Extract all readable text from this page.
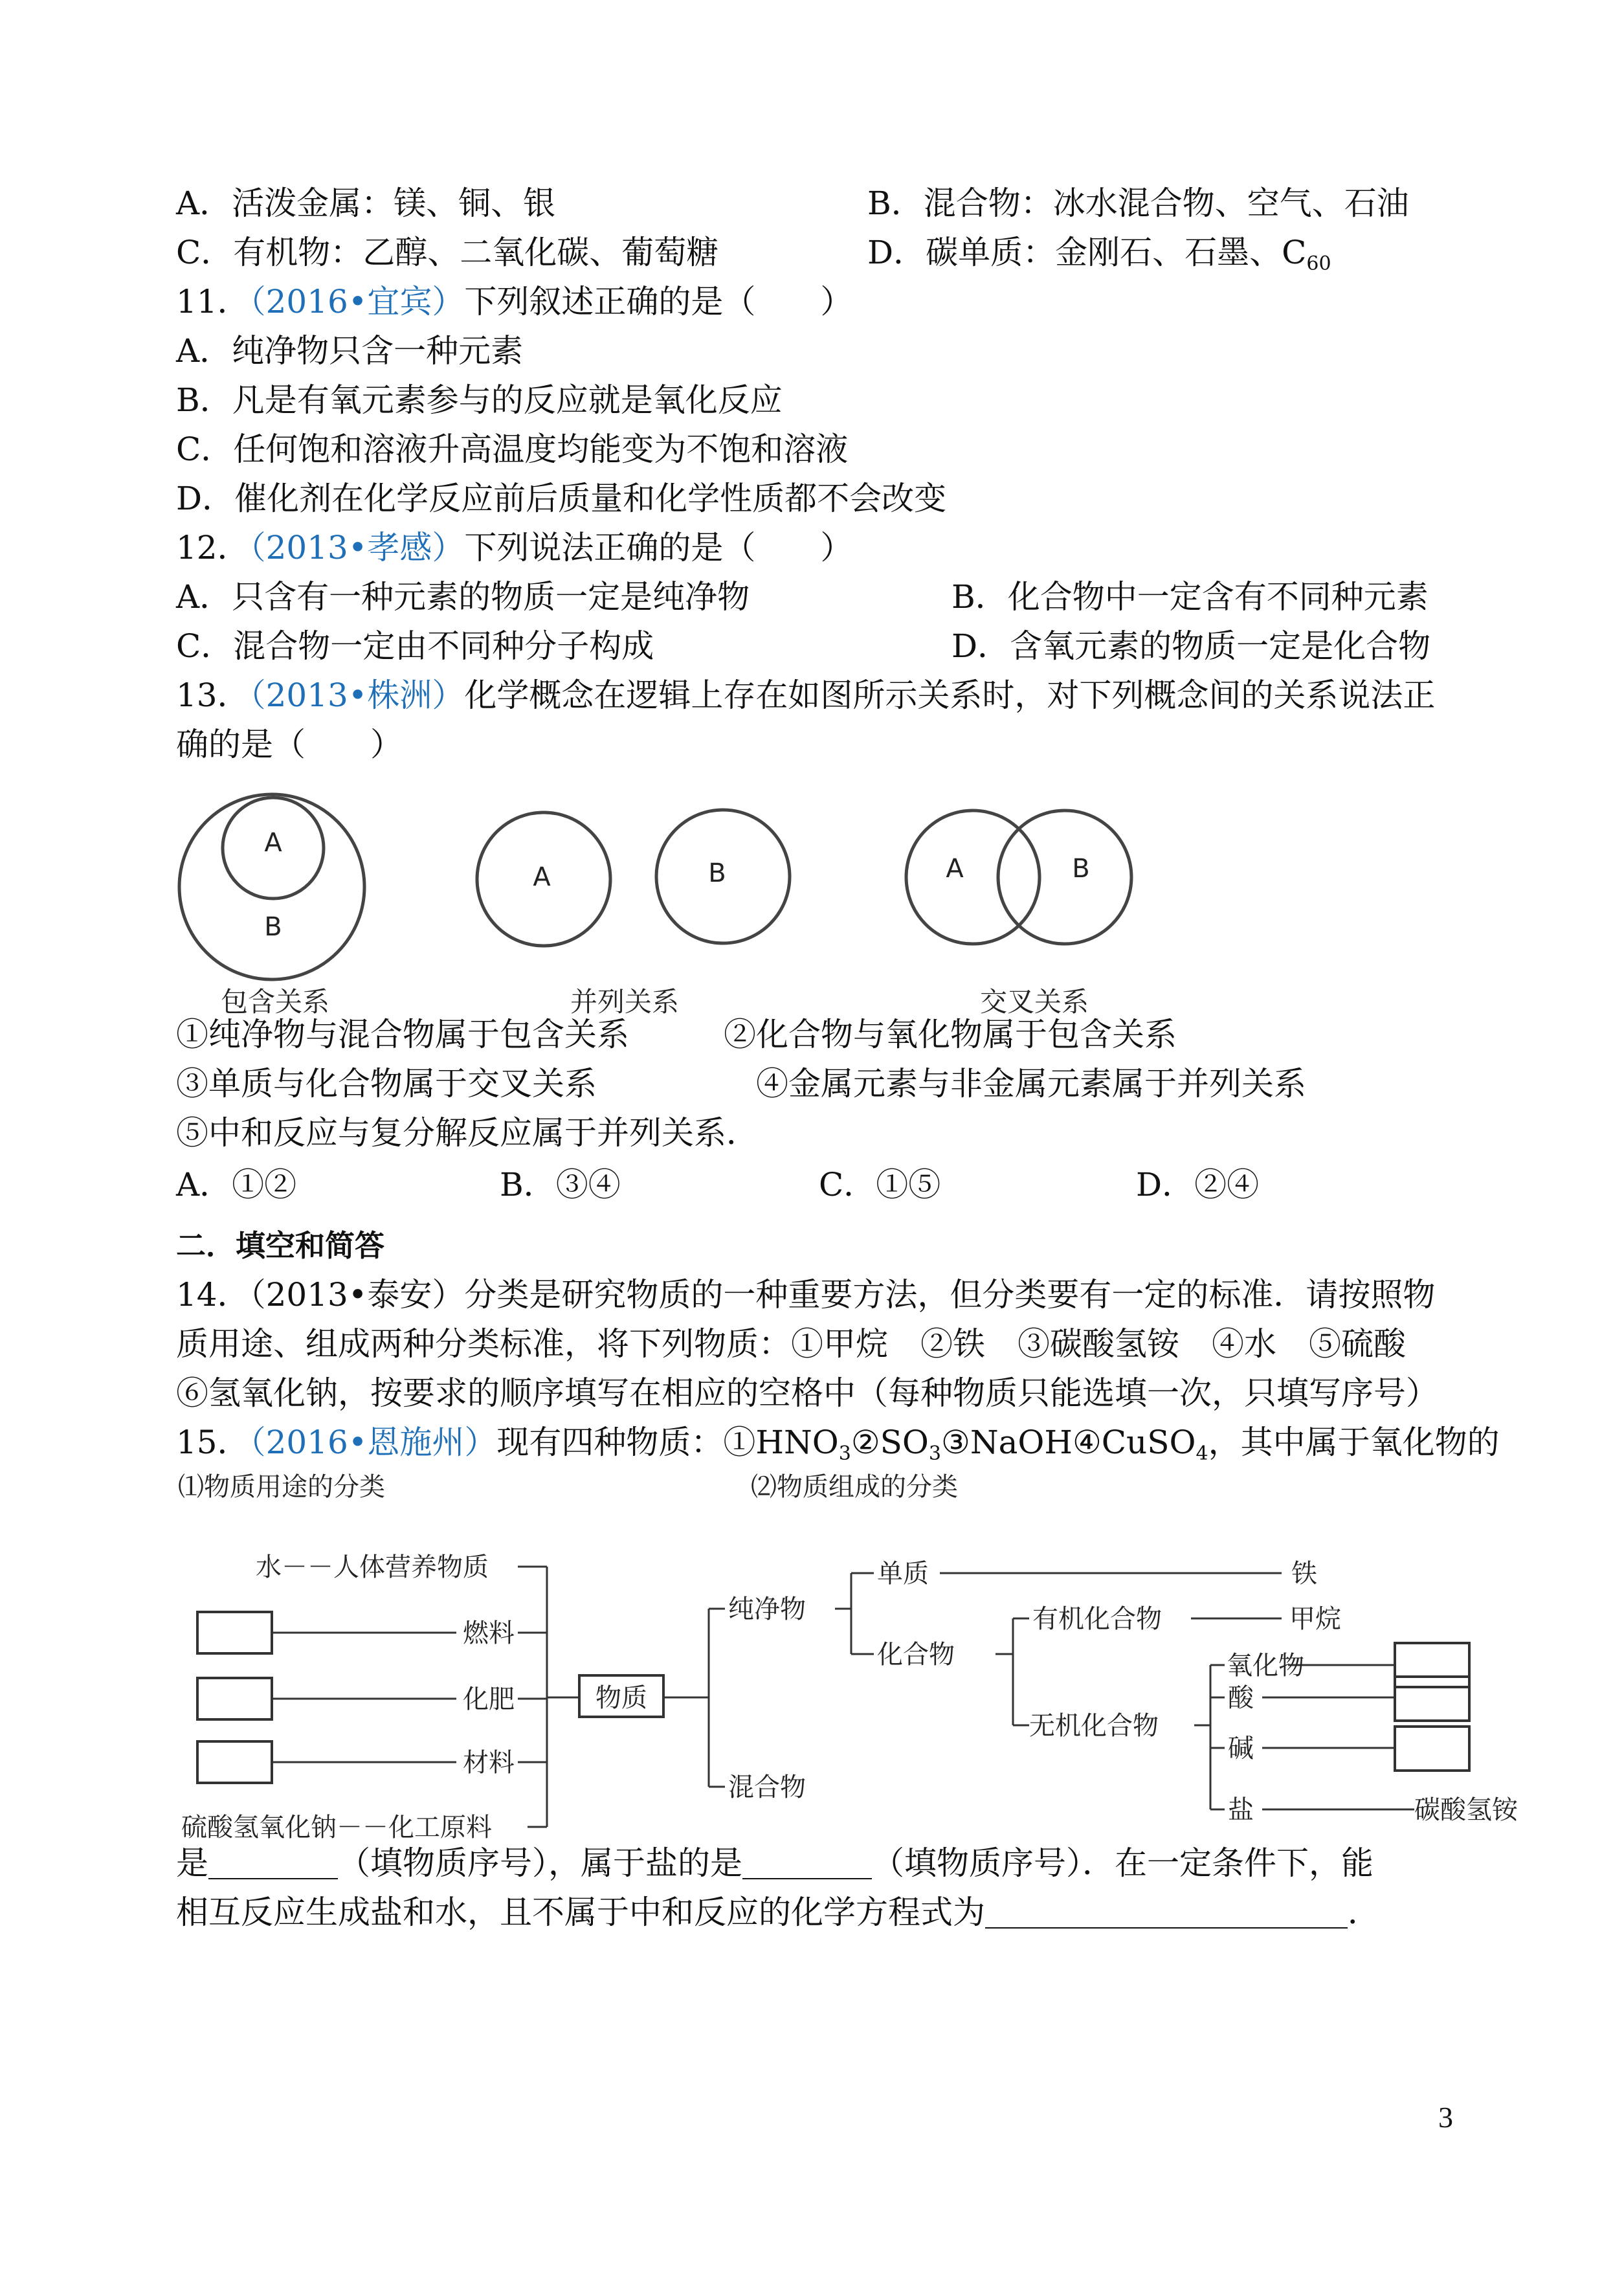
A．活泼金属：镁、铜、银	B．混合物：冰水混合物、空气、石油
C．有机物：乙醇、二氧化碳、葡萄糖	D．碳单质：金刚石、石墨、$C_{60}$
11．（2016•宜宾）下列叙述正确的是（　　）
A．纯净物只含一种元素
B．凡是有氧元素参与的反应就是氧化反应
C．任何饱和溶液升高温度均能变为不饱和溶液
D．催化剂在化学反应前后质量和化学性质都不会改变
12．（2013•孝感）下列说法正确的是（　　）
A．只含有一种元素的物质一定是纯净物	B．化合物中一定含有不同种元素
C．混合物一定由不同种分子构成	D．含氧元素的物质一定是化合物
13．（2013•株洲）化学概念在逻辑上存在如图所示关系时，对下列概念间的关系说法正
确的是（　　）
A
B
A	B	A	B
包含关系	并列关系	交叉关系
①纯净物与混合物属于包含关系	②化合物与氧化物属于包含关系
③单质与化合物属于交叉关系	④金属元素与非金属元素属于并列关系
⑤中和反应与复分解反应属于并列关系．
A．①②	B．③④	C．①⑤	D．②④
二．填空和简答
14．（2013•泰安）分类是研究物质的一种重要方法，但分类要有一定的标准．请按照物
质用途、组成两种分类标准，将下列物质：①甲烷　②铁　③碳酸氢铵　④水　⑤硫酸
⑥氢氧化钠，按要求的顺序填写在相应的空格中（每种物质只能选填一次，只填写序号）
15．（2016•恩施州）现有四种物质：$①HNO_3②SO_3③NaOH④CuSO_4$，其中属于氧化物的
⑴物质用途的分类	⑵物质组成的分类
水－－人体营养物质
燃料
化肥
材料
硫酸氢氧化钠－－化工原料
物质
纯净物
混合物
单质
化合物
铁
有机化合物	甲烷
无机化合物
氧化物
酸
碱
盐	碳酸氢铵
是	（填物质序号），属于盐的是	（填物质序号）．在一定条件下，能
相互反应生成盐和水，且不属于中和反应的化学方程式为	．
3
